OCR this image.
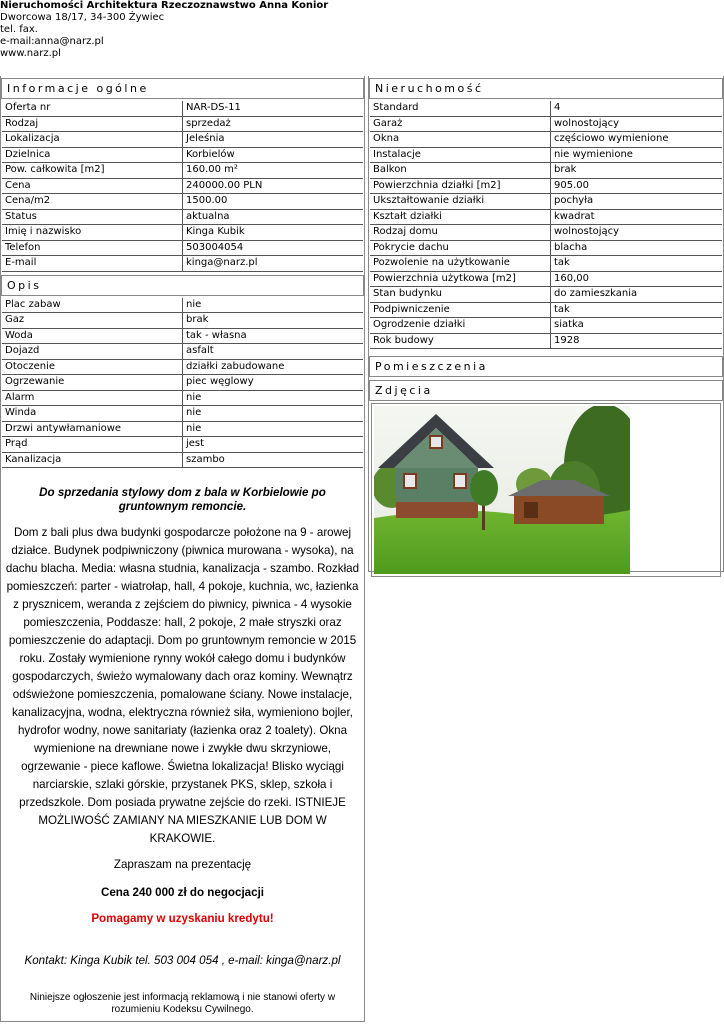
Nieruchomości Architektura Rzeczoznawstwo Anna Konior
Dworcowa 18/17, 34-300 Żywiec
tel. fax.
e-mail:anna@narz.pl
www.narz.pl
Informacje ogólne
Oferta nr	NAR-DS-11
Rodzaj	sprzedaż
Lokalizacja	Jeleśnia
Dzielnica	Korbielów
Pow. całkowita [m2]	160.00 m²
Cena	240000.00 PLN
Cena/m2	1500.00
Status	aktualna
Imię i nazwisko	Kinga Kubik
Telefon	503004054
E-mail	kinga@narz.pl
Opis
Plac zabaw	nie
Gaz	brak
Woda	tak - własna
Dojazd	asfalt
Otoczenie	działki zabudowane
Ogrzewanie	piec węglowy
Alarm	nie
Winda	nie
Drzwi antywłamaniowe	nie
Prąd	jest
Kanalizacja	szambo
Do sprzedania stylowy dom z bala w Korbielowie po gruntownym remoncie.
Dom z bali plus dwa budynki gospodarcze położone na 9 - arowej działce. Budynek podpiwniczony (piwnica murowana - wysoka), na dachu blacha. Media: własna studnia, kanalizacja - szambo. Rozkład pomieszczeń: parter - wiatrołap, hall, 4 pokoje, kuchnia, wc, łazienka z prysznicem, weranda z zejściem do piwnicy, piwnica - 4 wysokie pomieszczenia, Poddasze: hall, 2 pokoje, 2 małe stryszki oraz pomieszczenie do adaptacji. Dom po gruntownym remoncie w 2015 roku. Zostały wymienione rynny wokół całego domu i budynków gospodarczych, świeżo wymalowany dach oraz kominy. Wewnątrz odświeżone pomieszczenia, pomalowane ściany. Nowe instalacje, kanalizacyjna, wodna, elektryczna również siła, wymieniono bojler, hydrofor wodny, nowe sanitariaty (łazienka oraz 2 toalety). Okna wymienione na drewniane nowe i zwykłe dwu skrzyniowe, ogrzewanie - piece kaflowe. Świetna lokalizacja! Blisko wyciągi narciarskie, szlaki górskie, przystanek PKS, sklep, szkoła i przedszkole. Dom posiada prywatne zejście do rzeki. ISTNIEJE MOŻLIWOŚĆ ZAMIANY NA MIESZKANIE LUB DOM W KRAKOWIE.
Zapraszam na prezentację
Cena 240 000 zł do negocjacji
Pomagamy w uzyskaniu kredytu!
Kontakt: Kinga Kubik tel. 503 004 054 , e-mail: kinga@narz.pl
Niniejsze ogłoszenie jest informacją reklamową i nie stanowi oferty w rozumieniu Kodeksu Cywilnego.
Nieruchomość
Standard	4
Garaż	wolnostojący
Okna	częściowo wymienione
Instalacje	nie wymienione
Balkon	brak
Powierzchnia działki [m2]	905.00
Ukształtowanie działki	pochyła
Kształt działki	kwadrat
Rodzaj domu	wolnostojący
Pokrycie dachu	blacha
Pozwolenie na użytkowanie	tak
Powierzchnia użytkowa [m2]	160,00
Stan budynku	do zamieszkania
Podpiwniczenie	tak
Ogrodzenie działki	siatka
Rok budowy	1928
Pomieszczenia
Zdjęcia
